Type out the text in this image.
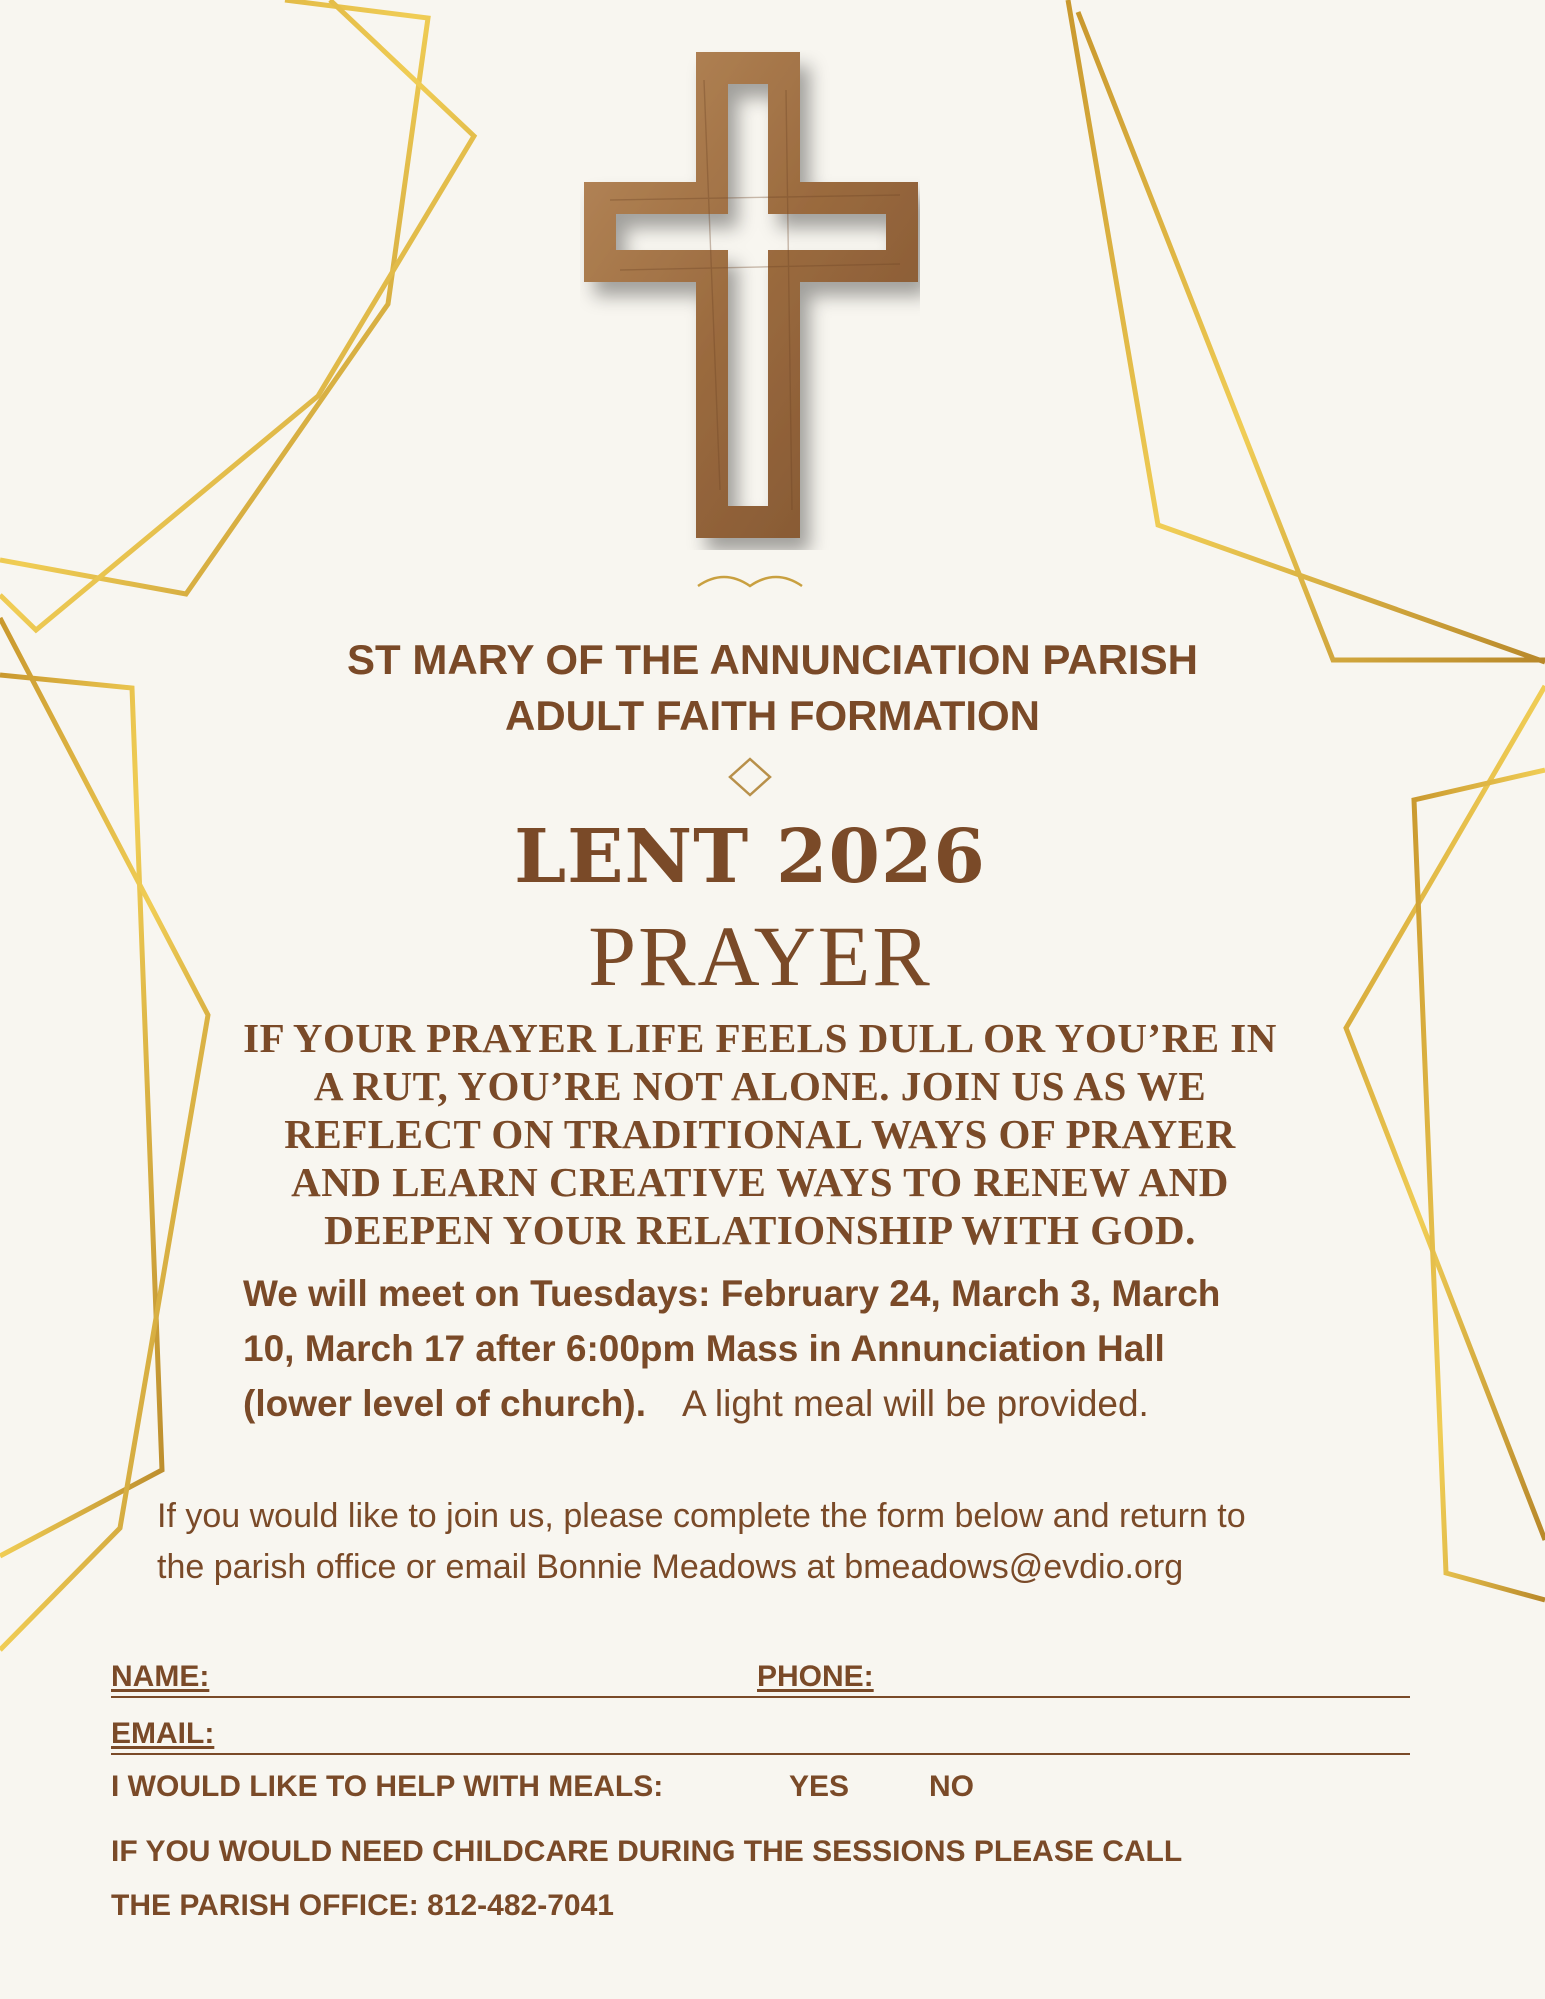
ST MARY OF THE ANNUNCIATION PARISH
ADULT FAITH FORMATION
LENT 2026
PRAYER
IF YOUR PRAYER LIFE FEELS DULL OR YOU’RE IN
A RUT, YOU’RE NOT ALONE. JOIN US AS WE
REFLECT ON TRADITIONAL WAYS OF PRAYER
AND LEARN CREATIVE WAYS TO RENEW AND
DEEPEN YOUR RELATIONSHIP WITH GOD.
We will meet on Tuesdays: February 24, March 3, March
10, March 17 after 6:00pm Mass in Annunciation Hall
(lower level of church). A light meal will be provided.
If you would like to join us, please complete the form below and return to
the parish office or email Bonnie Meadows at bmeadows@evdio.org
NAME:	PHONE:
EMAIL:
I WOULD LIKE TO HELP WITH MEALS:	YES	NO
IF YOU WOULD NEED CHILDCARE DURING THE SESSIONS PLEASE CALL
THE PARISH OFFICE: 812-482-7041
